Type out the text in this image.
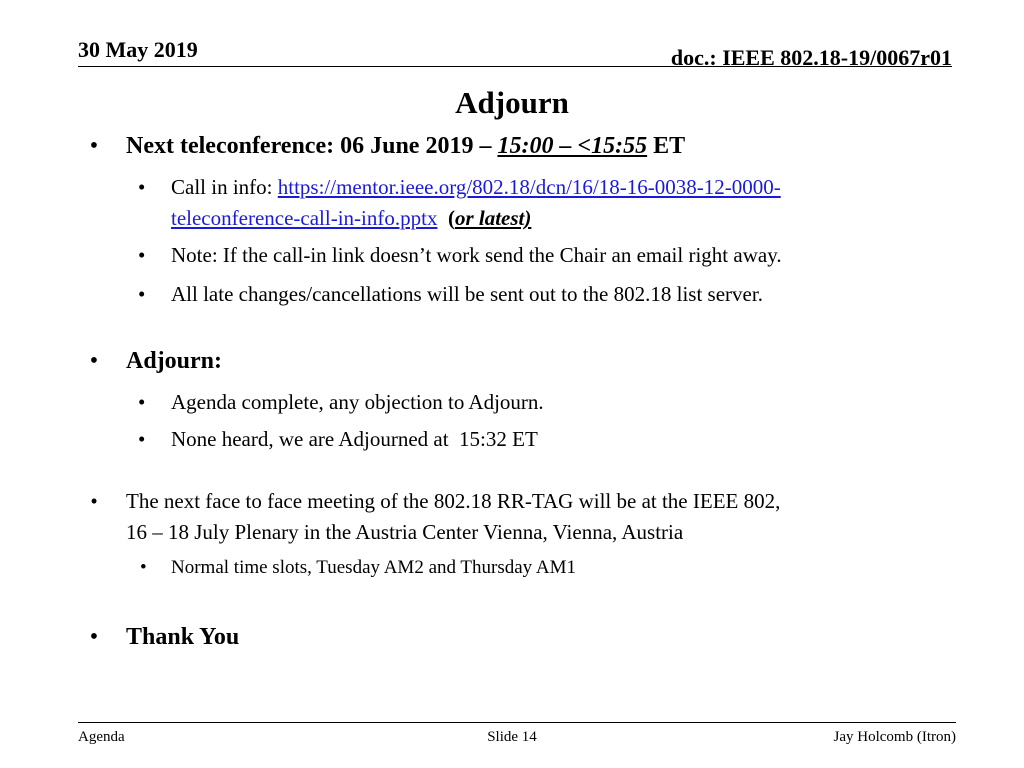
30 May 2019	doc.: IEEE 802.18-19/0067r01
Adjourn
• Next teleconference: 06 June 2019 – 15:00 – <15:55 ET
• Call in info: https://mentor.ieee.org/802.18/dcn/16/18-16-0038-12-0000-
teleconference-call-in-info.pptx (or latest)
• Note: If the call-in link doesn’t work send the Chair an email right away.
• All late changes/cancellations will be sent out to the 802.18 list server.
• Adjourn:
• Agenda complete, any objection to Adjourn.
• None heard, we are Adjourned at  15:32 ET
•	The next face to face meeting of the 802.18 RR-TAG will be at the IEEE 802,
16 – 18 July Plenary in the Austria Center Vienna, Vienna, Austria
• Normal time slots, Tuesday AM2 and Thursday AM1
• Thank You
Agenda	Slide 14	Jay Holcomb (Itron)
